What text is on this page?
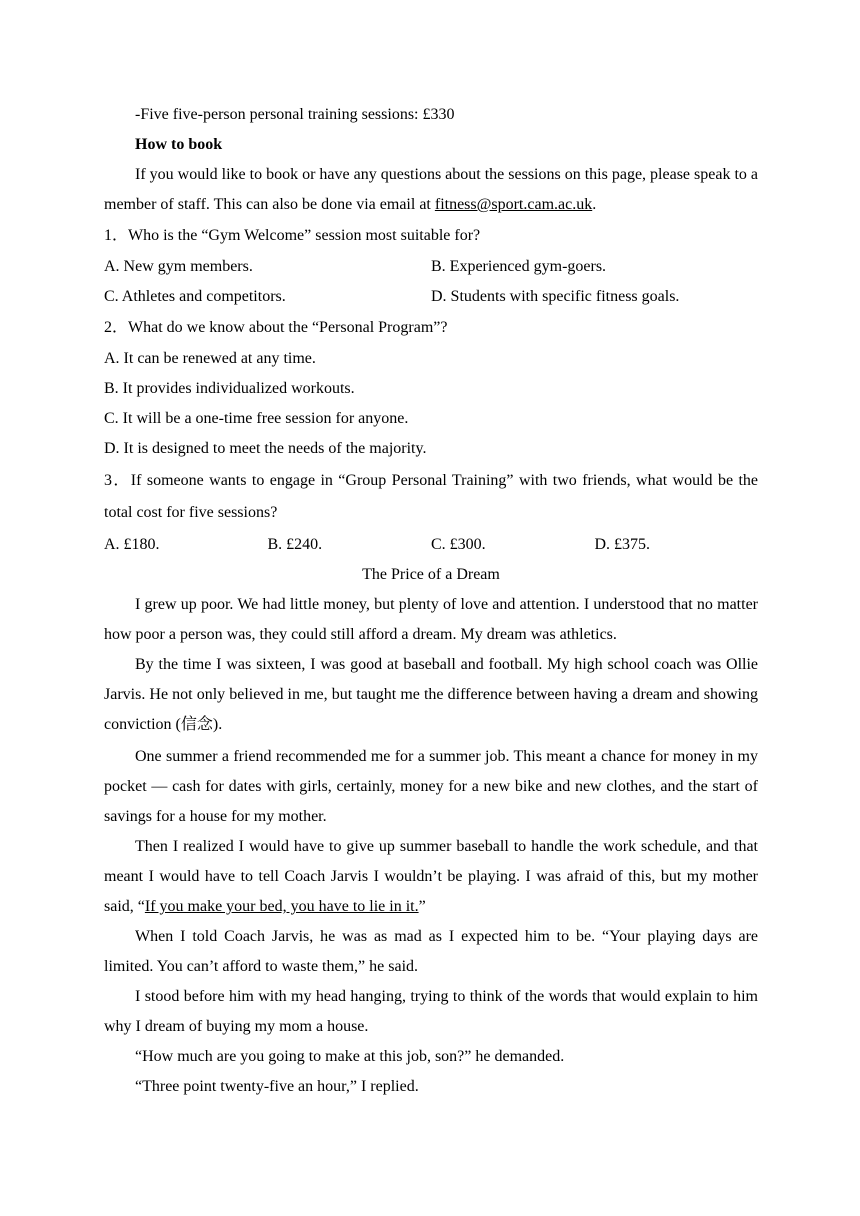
-Five five-person personal training sessions: £330

How to book

If you would like to book or have any questions about the sessions on this page, please speak to a member of staff. This can also be done via email at fitness@sport.cam.ac.uk.

1．Who is the “Gym Welcome” session most suitable for?

A. New gym members.	B. Experienced gym-goers.
C. Athletes and competitors.	D. Students with specific fitness goals.

2．What do we know about the “Personal Program”?

A. It can be renewed at any time.

B. It provides individualized workouts.

C. It will be a one-time free session for anyone.

D. It is designed to meet the needs of the majority.

3．If someone wants to engage in “Group Personal Training” with two friends, what would be the total cost for five sessions?

A. £180.	B. £240.	C. £300.	D. £375.

The Price of a Dream

I grew up poor. We had little money, but plenty of love and attention. I understood that no matter how poor a person was, they could still afford a dream. My dream was athletics.

By the time I was sixteen, I was good at baseball and football. My high school coach was Ollie Jarvis. He not only believed in me, but taught me the difference between having a dream and showing conviction (信念).

One summer a friend recommended me for a summer job. This meant a chance for money in my pocket — cash for dates with girls, certainly, money for a new bike and new clothes, and the start of savings for a house for my mother.

Then I realized I would have to give up summer baseball to handle the work schedule, and that meant I would have to tell Coach Jarvis I wouldn’t be playing. I was afraid of this, but my mother said, “If you make your bed, you have to lie in it.”

When I told Coach Jarvis, he was as mad as I expected him to be. “Your playing days are limited. You can’t afford to waste them,” he said.

I stood before him with my head hanging, trying to think of the words that would explain to him why I dream of buying my mom a house.

“How much are you going to make at this job, son?” he demanded.

“Three point twenty-five an hour,” I replied.
